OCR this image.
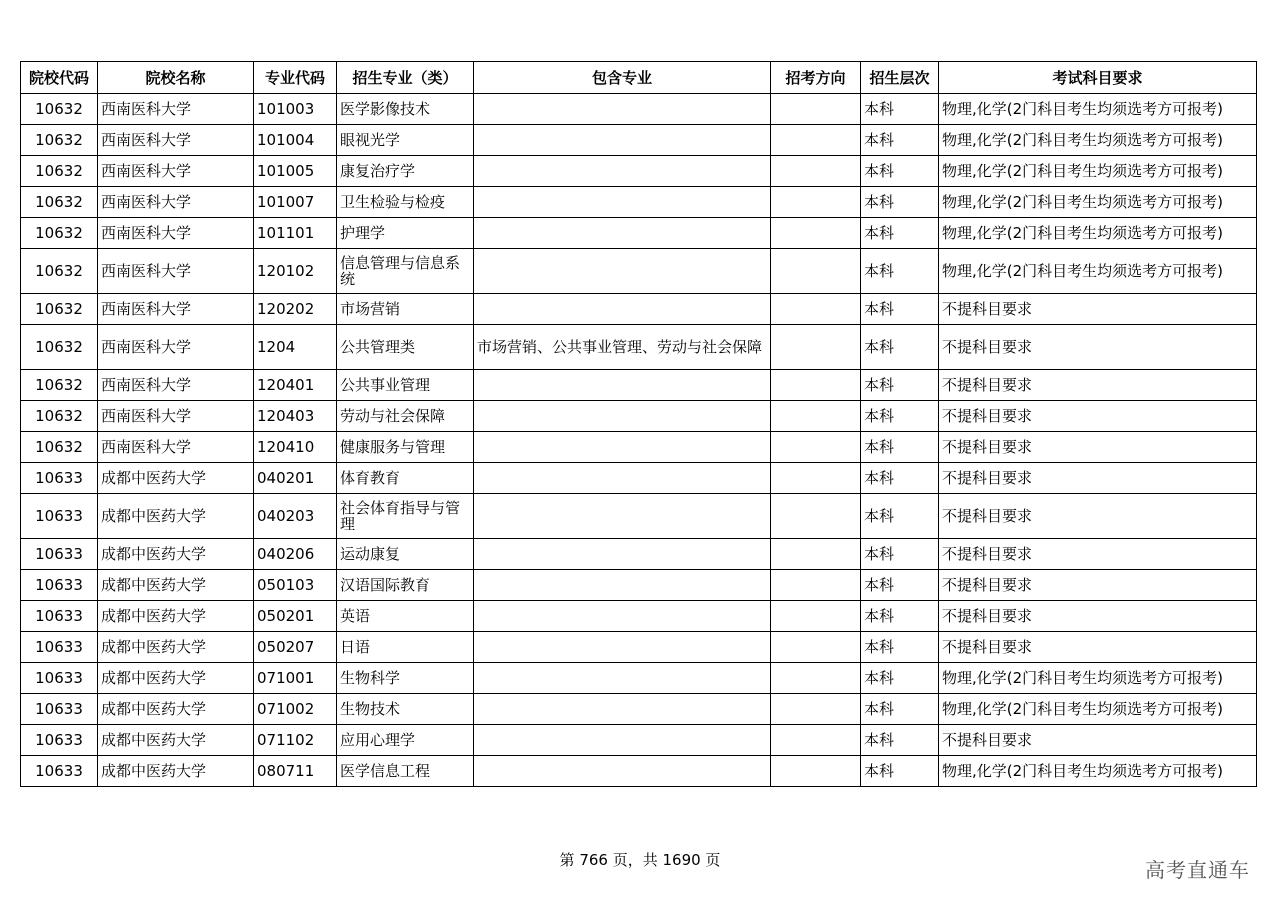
院校代码	院校名称	专业代码	招生专业（类）	包含专业	招考方向	招生层次	考试科目要求
10632	西南医科大学	101003	医学影像技术			本科	物理,化学(2门科目考生均须选考方可报考)
10632	西南医科大学	101004	眼视光学			本科	物理,化学(2门科目考生均须选考方可报考)
10632	西南医科大学	101005	康复治疗学			本科	物理,化学(2门科目考生均须选考方可报考)
10632	西南医科大学	101007	卫生检验与检疫			本科	物理,化学(2门科目考生均须选考方可报考)
10632	西南医科大学	101101	护理学			本科	物理,化学(2门科目考生均须选考方可报考)
10632	西南医科大学	120102	信息管理与信息系统			本科	物理,化学(2门科目考生均须选考方可报考)
10632	西南医科大学	120202	市场营销			本科	不提科目要求
10632	西南医科大学	1204	公共管理类	市场营销、公共事业管理、劳动与社会保障		本科	不提科目要求
10632	西南医科大学	120401	公共事业管理			本科	不提科目要求
10632	西南医科大学	120403	劳动与社会保障			本科	不提科目要求
10632	西南医科大学	120410	健康服务与管理			本科	不提科目要求
10633	成都中医药大学	040201	体育教育			本科	不提科目要求
10633	成都中医药大学	040203	社会体育指导与管理			本科	不提科目要求
10633	成都中医药大学	040206	运动康复			本科	不提科目要求
10633	成都中医药大学	050103	汉语国际教育			本科	不提科目要求
10633	成都中医药大学	050201	英语			本科	不提科目要求
10633	成都中医药大学	050207	日语			本科	不提科目要求
10633	成都中医药大学	071001	生物科学			本科	物理,化学(2门科目考生均须选考方可报考)
10633	成都中医药大学	071002	生物技术			本科	物理,化学(2门科目考生均须选考方可报考)
10633	成都中医药大学	071102	应用心理学			本科	不提科目要求
10633	成都中医药大学	080711	医学信息工程			本科	物理,化学(2门科目考生均须选考方可报考)
第 766 页，共 1690 页	高考直通车
